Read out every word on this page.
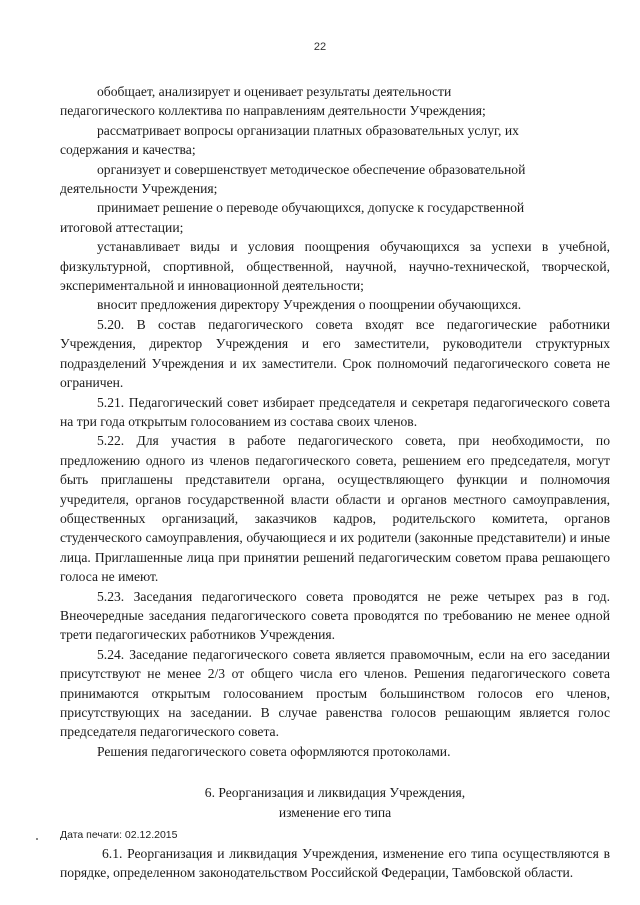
22

обобщает, анализирует и оценивает результаты деятельности

педагогического коллектива по направлениям деятельности Учреждения;

рассматривает вопросы организации платных образовательных услуг, их

содержания и качества;

организует и совершенствует методическое обеспечение образовательной

деятельности Учреждения;

принимает решение о переводе обучающихся, допуске к государственной

итоговой аттестации;

устанавливает виды и условия поощрения обучающихся за успехи в учебной, физкультурной, спортивной, общественной, научной, научно-технической, творческой, экспериментальной и инновационной деятельности;

вносит предложения директору Учреждения о поощрении обучающихся.

5.20. В состав педагогического совета входят все педагогические работники Учреждения, директор Учреждения и его заместители, руководители структурных подразделений Учреждения и их заместители. Срок полномочий педагогического совета не ограничен.

5.21. Педагогический совет избирает председателя и секретаря педагогического совета на три года открытым голосованием из состава своих членов.

5.22. Для участия в работе педагогического совета, при необходимости, по предложению одного из членов педагогического совета, решением его председателя, могут быть приглашены представители органа, осуществляющего функции и полномочия учредителя, органов государственной власти области и органов местного самоуправления, общественных организаций, заказчиков кадров, родительского комитета, органов студенческого самоуправления, обучающиеся и их родители (законные представители) и иные лица. Приглашенные лица при принятии решений педагогическим советом права решающего голоса не имеют.

5.23. Заседания педагогического совета проводятся не реже четырех раз в год. Внеочередные заседания педагогического совета проводятся по требованию не менее одной трети педагогических работников Учреждения.

5.24. Заседание педагогического совета является правомочным, если на его заседании присутствуют не менее 2/3 от общего числа его членов. Решения педагогического совета принимаются открытым голосованием простым большинством голосов его членов, присутствующих на заседании. В случае равенства голосов решающим является голос председателя педагогического совета.

Решения педагогического совета оформляются протоколами.

6. Реорганизация и ликвидация Учреждения,
изменение его типа

6.1. Реорганизация и ликвидация Учреждения, изменение его типа осуществляются в порядке, определенном законодательством Российской Федерации, Тамбовской области.

Дата печати: 02.12.2015
